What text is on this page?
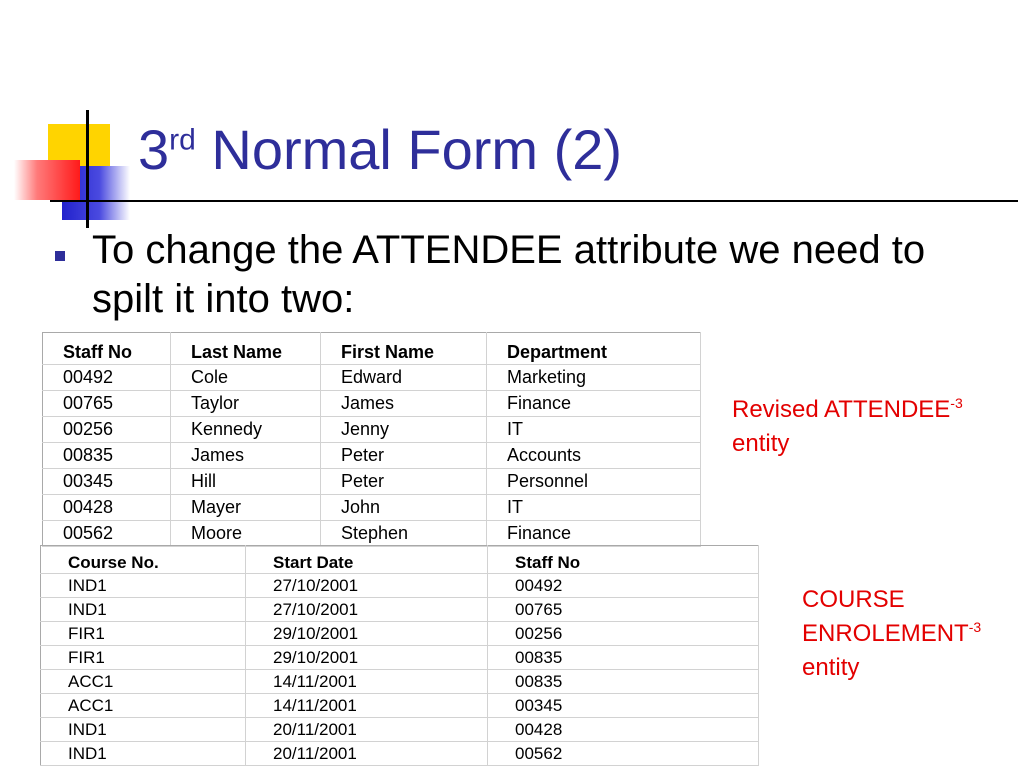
3rd Normal Form (2)
To change the ATTENDEE attribute we need to spilt it into two:
Staff No	Last Name	First Name	Department
00492	Cole	Edward	Marketing
00765	Taylor	James	Finance
00256	Kennedy	Jenny	IT
00835	James	Peter	Accounts
00345	Hill	Peter	Personnel
00428	Mayer	John	IT
00562	Moore	Stephen	Finance
Course No.	Start Date	Staff No
IND1	27/10/2001	00492
IND1	27/10/2001	00765
FIR1	29/10/2001	00256
FIR1	29/10/2001	00835
ACC1	14/11/2001	00835
ACC1	14/11/2001	00345
IND1	20/11/2001	00428
IND1	20/11/2001	00562
Revised $ATTENDEE^{-3}$
entity
COURSE
$ENROLEMENT^{-3}$
entity
